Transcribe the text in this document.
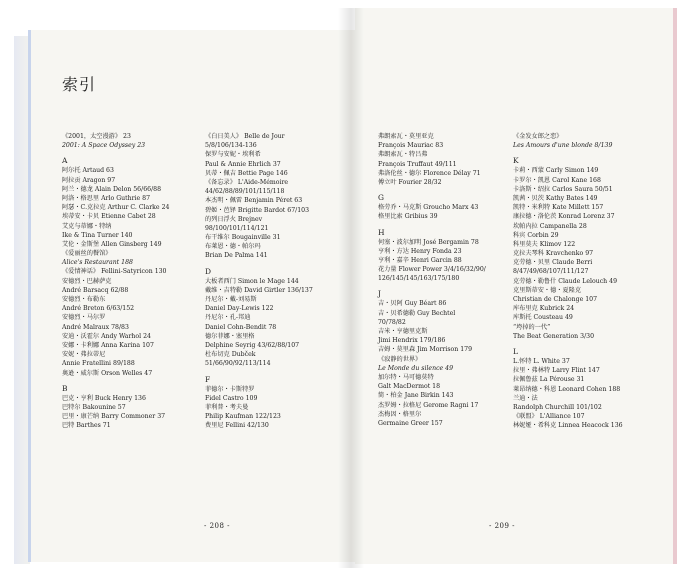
索引
《2001，太空漫游》 23
2001: A Space Odyssey 23
A
阿尔托 Artaud 63
阿拉贡 Aragon 97
阿兰・德龙 Alain Delon 56/66/88
阿洛・格思里 Arlo Guthrie 87
阿瑟・C.克拉克 Arthur C. Clarke 24
埃蒂安・卡贝 Etienne Cabet 28
艾克与蒂娜・特纳
Ike & Tina Turner 140
艾伦・金斯堡 Allen Ginsberg 149
《爱丽丝的餐馆》
Alice's Restaurant 188
《爱情神话》 Fellini-Satyricon 130
安德烈・巴赫萨克
André Barsacq 62/88
安德烈・布勒东
André Breton 6/63/152
安德烈・马尔罗
André Malraux 78/83
安迪・沃霍尔 Andy Warhol 24
安娜・卡利娜 Anna Karina 107
安妮・弗拉蒂尼
Annie Fratellini 89/188
奥逊・威尔斯 Orson Welles 47
B
巴克・亨利 Buck Henry 136
巴特尔 Bakounine 57
巴里・康芒纳 Barry Commoner 37
巴特 Barthes 71
《白日美人》 Belle de Jour
5/8/106/134-136
保罗与安妮・埃利希
Paul & Annie Ehrlich 37
贝蒂・佩吉 Bettie Page 146
《备忘录》 L'Aide-Mémoire
44/62/88/89/101/115/118
本杰明・佩雷 Benjamin Péret 63
碧姬・芭铎 Brigitte Bardot 67/103
的列日浮火 Brejnev
98/100/101/114/121
布干维尔 Bougainville 31
布莱恩・德・帕尔玛
Brian De Palma 141
D
大板者西门 Simon le Mage 144
戴维・吉特勒 David Girtler 136/137
丹尼尔・戴-刘易斯
Daniel Day-Lewis 122
丹尼尔・孔-邦迪
Daniel Cohn-Bendit 78
德尔菲娜・塞里格
Delphine Seyrig 43/62/88/107
杜布切克 Dubček
51/66/90/92/113/114
F
菲德尔・卡斯特罗
Fidel Castro 109
菲利普・考夫曼
Philip Kaufman 122/123
费里尼 Fellini 42/130
弗朗索瓦・莫里亚克
François Mauriac 83
弗朗索瓦・特吕弗
François Truffaut 49/111
弗洛伦丝・德尔 Florence Délay 71
傅立叶 Fourier 28/32
G
格劳乔・马克斯 Groucho Marx 43
格里比索 Gribius 39
H
何塞・波尔加明 José Bergamin 78
亨利・方达 Henry Fonda 23
亨利・嘉辛 Henri Garcin 88
花力量 Flower Power 3/4/16/32/90/
126/145/145/163/175/180
J
吉・贝阿 Guy Béart 86
吉・贝希德勒 Guy Bechtel
70/78/82
吉米・亨德里克斯
Jimi Hendrix 179/186
吉姆・莫里森 Jim Morrison 179
《寂静的世界》
Le Monde du silence 49
加尔特・马可德莫特
Galt MacDermot 18
简・柏金 Jane Birkin 143
杰罗姆・拉格尼 Gerome Ragni 17
杰梅因・格里尔
Germaine Greer 157
《金发女郎之恋》
Les Amours d'une blonde 8/139
K
卡莉・西蒙 Carly Simon 149
卡罗尔・凯恩 Carol Kane 168
卡洛斯・绍拉 Carlos Saura 50/51
凯茜・贝茨 Kathy Bates 149
凯特・米利特 Kate Millett 157
康拉德・洛伦茨 Konrad Lorenz 37
坎帕内拉 Campanella 28
科宾 Corbin 29
科里莫夫 Klimov 122
克拉夫琴科 Kravchenko 97
克劳德・贝里 Claude Berri
8/47/49/68/107/111/127
克劳德・勒鲁什 Claude Lelouch 49
克里斯蒂安・德・夏隆克
Christian de Chalonge 107
库布里克 Kubrick 24
库斯托 Cousteau 49
“垮掉的一代”
The Beat Generation 3/30
L
L.怀特 L. White 37
拉里・弗林特 Larry Flint 147
拉佩鲁兹 La Pérouse 31
莱昂纳德・科恩 Leonard Cohen 188
兰迪・法
Randolph Churchill 101/102
《联盟》 L'Alliance 107
林妮娅・希科克 Linnea Heacock 136
- 208 -	- 209 -
